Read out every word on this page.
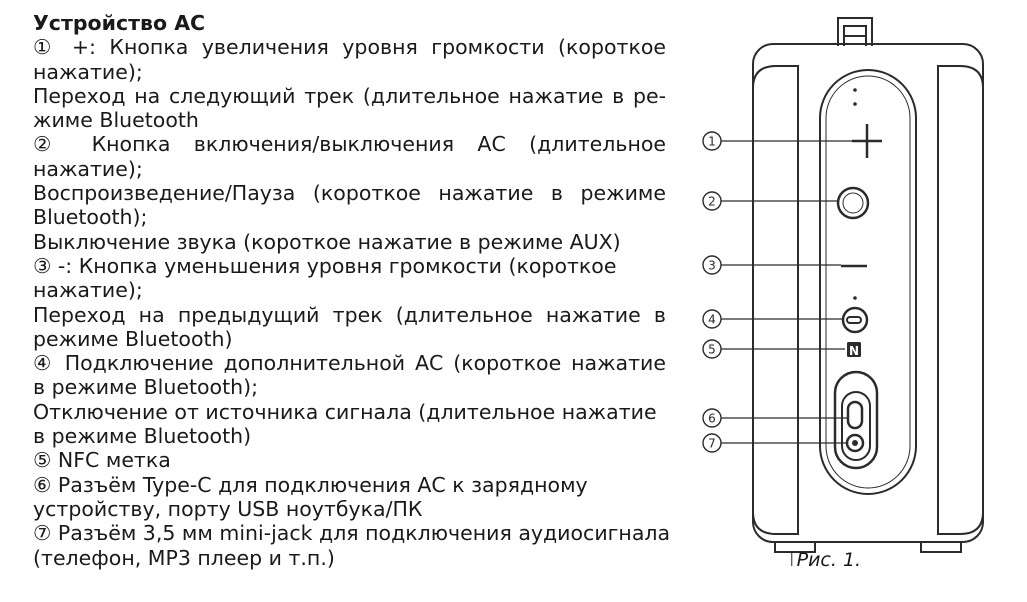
Устройство АС
① +: Кнопка увеличения уровня громкости (короткое
нажатие);
Переход на следующий трек (длительное нажатие в ре-
жиме Bluetooth
② Кнопка включения/выключения АС (длительное
нажатие);
Воспроизведение/Пауза (короткое нажатие в режиме
Bluetooth);
Выключение звука (короткое нажатие в режиме AUX)
③ -: Кнопка уменьшения уровня громкости (короткое
нажатие);
Переход на предыдущий трек (длительное нажатие в
режиме Bluetooth)
④ Подключение дополнительной АС (короткое нажатие
в режиме Bluetooth);
Отключение от источника сигнала (длительное нажатие
в режиме Bluetooth)
⑤ NFC метка
⑥ Разъём Type-C для подключения АС к зарядному
устройству, порту USB ноутбука/ПК
⑦ Разъём 3,5 мм mini-jack для подключения аудиосигнала
(телефон, MP3 плеер и т.п.)
N
1
2
3
4
5
6
7
I Рис. 1.
